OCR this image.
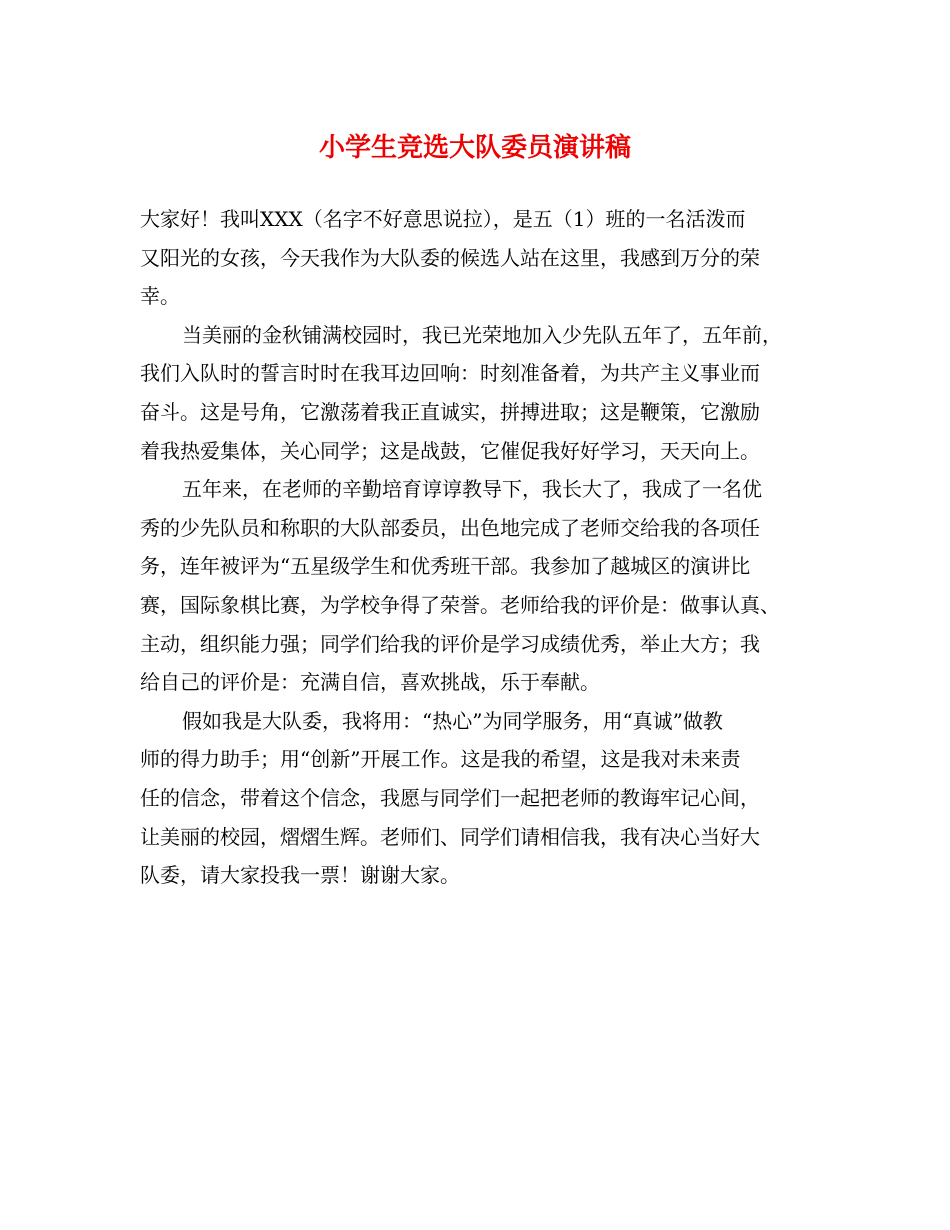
小学生竞选大队委员演讲稿
大家好！我叫XXX（名字不好意思说拉），是五（1）班的一名活泼而
又阳光的女孩，今天我作为大队委的候选人站在这里，我感到万分的荣
幸。
当美丽的金秋铺满校园时，我已光荣地加入少先队五年了，五年前，
我们入队时的誓言时时在我耳边回响：时刻准备着，为共产主义事业而
奋斗。这是号角，它激荡着我正直诚实，拼搏进取；这是鞭策，它激励
着我热爱集体，关心同学；这是战鼓，它催促我好好学习，天天向上。
五年来，在老师的辛勤培育谆谆教导下，我长大了，我成了一名优
秀的少先队员和称职的大队部委员，出色地完成了老师交给我的各项任
务，连年被评为“五星级学生和优秀班干部。我参加了越城区的演讲比
赛，国际象棋比赛，为学校争得了荣誉。老师给我的评价是：做事认真、
主动，组织能力强；同学们给我的评价是学习成绩优秀，举止大方；我
给自己的评价是：充满自信，喜欢挑战，乐于奉献。
假如我是大队委，我将用：“热心”为同学服务，用“真诚”做教
师的得力助手；用“创新”开展工作。这是我的希望，这是我对未来责
任的信念，带着这个信念，我愿与同学们一起把老师的教诲牢记心间，
让美丽的校园，熠熠生辉。老师们、同学们请相信我，我有决心当好大
队委，请大家投我一票！谢谢大家。
